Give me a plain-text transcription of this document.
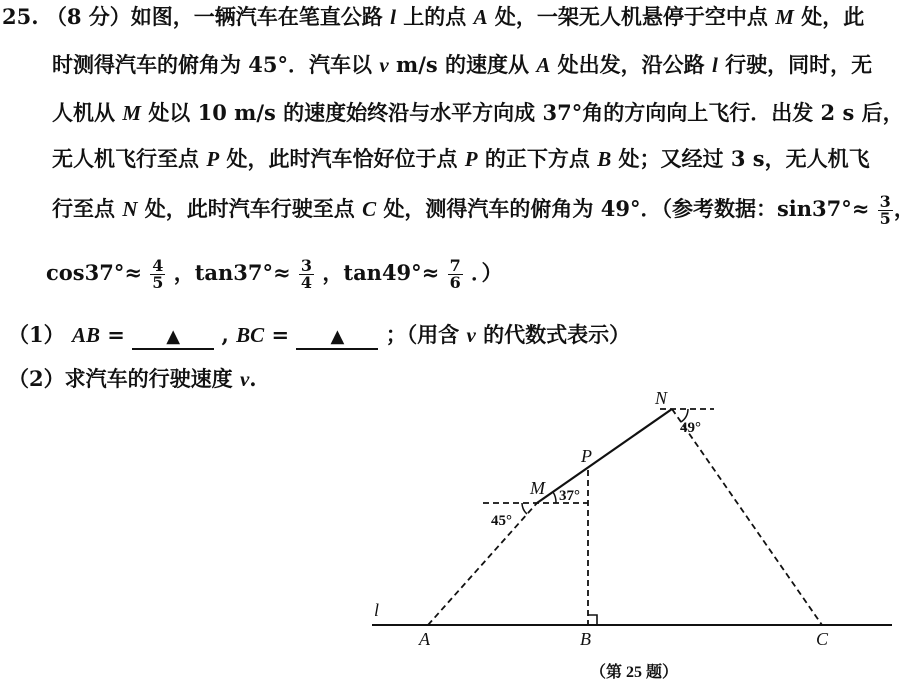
25. （8 分）如图，一辆汽车在笔直公路 l 上的点 A 处，一架无人机悬停于空中点 M 处，此
时测得汽车的俯角为 45°．汽车以 v m/s 的速度从 A 处出发，沿公路 l 行驶，同时，无
人机从 M 处以 10 m/s 的速度始终沿与水平方向成 37°角的方向向上飞行．出发 2 s 后，
无人机飞行至点 P 处，此时汽车恰好位于点 P 的正下方点 B 处；又经过 3 s，无人机飞
行至点 N 处，此时汽车行驶至点 C 处，测得汽车的俯角为 49°．（参考数据：$\sin 37^\circ\approx \frac{3}{5}$ ，
$\cos 37^\circ\approx \frac{4}{5}$ ，$\tan 37^\circ\approx \frac{3}{4}$ ，$\tan 49^\circ\approx \frac{7}{6}$ ．）
（1） AB = ▲ , BC = ▲ ；（用含 v 的代数式表示）
（2）求汽车的行驶速度 v.
45°
37°
49°
l
A	B	C
M
P
N
（第 25 题）
